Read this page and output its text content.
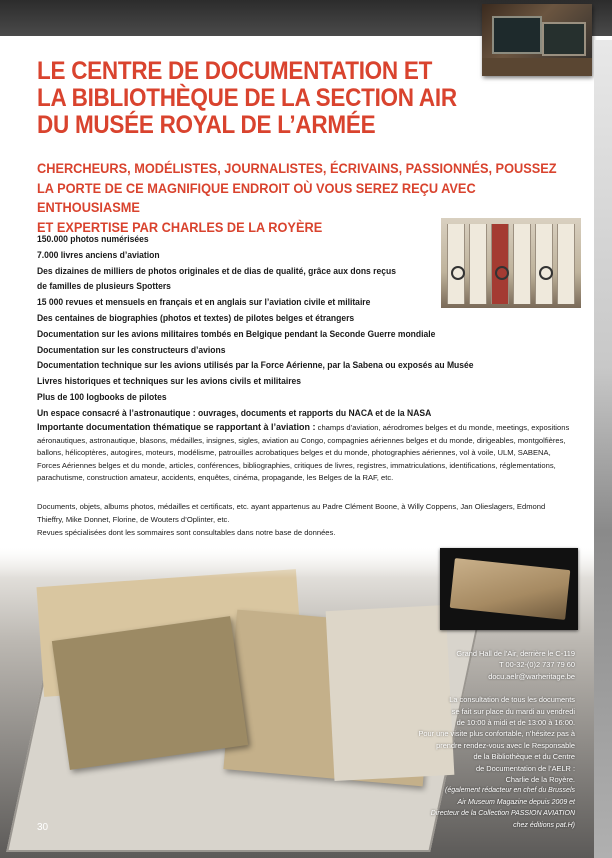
LE CENTRE DE DOCUMENTATION ET
LA BIBLIOTHÈQUE DE LA SECTION AIR
DU MUSÉE ROYAL DE L’ARMÉE
CHERCHEURS, MODÉLISTES, JOURNALISTES, ÉCRIVAINS, PASSIONNÉS, POUSSEZ
LA PORTE DE CE MAGNIFIQUE ENDROIT OÙ VOUS SEREZ REÇU AVEC ENTHOUSIASME
ET EXPERTISE PAR CHARLES DE LA ROYÈRE
150.000 photos numérisées
7.000 livres anciens d’aviation
Des dizaines de milliers de photos originales et de dias de qualité, grâce aux dons reçus
de familles de plusieurs Spotters
15 000 revues et mensuels en français et en anglais sur l’aviation civile et militaire
Des centaines de biographies (photos et textes) de pilotes belges et étrangers
Documentation sur les avions militaires tombés en Belgique pendant la Seconde Guerre mondiale
Documentation sur les constructeurs d’avions
Documentation technique sur les avions utilisés par la Force Aérienne, par la Sabena ou exposés au Musée
Livres historiques et techniques sur les avions civils et militaires
Plus de 100 logbooks de pilotes
Un espace consacré à l’astronautique : ouvrages, documents et rapports du NACA et de la NASA

Importante documentation thématique se rapportant à l’aviation : champs d’aviation, aérodromes belges et du monde, meetings, expositions aéronautiques, astronautique, blasons, médailles, insignes, sigles, aviation au Congo, compagnies aériennes belges et du monde, dirigeables, montgolfières, ballons, hélicoptères, autogires, moteurs, modélisme, patrouilles acrobatiques belges et du monde, photographies aériennes, vol à voile, ULM, SABENA, Forces Aériennes belges et du monde, articles, conférences, bibliographies, critiques de livres, registres, immatriculations, identifications, réglementations, parachutisme, construction amateur, accidents, enquêtes, cinéma, propagande, les Belges de la RAF, etc.

Documents, objets, albums photos, médailles et certificats, etc. ayant appartenus au Padre Clément Boone, à Willy Coppens, Jan Olieslagers, Edmond Thieffry, Mike Donnet, Florine, de Wouters d’Oplinter, etc.

Revues spécialisées dont les sommaires sont consultables dans notre base de données.

Grand Hall de l’Air, derrière le C-119
T 00-32-(0)2 737 79 60
docu.aelr@warheritage.be
La consultation de tous les documents
se fait sur place du mardi au vendredi
de 10:00 à midi et de 13:00 à 16:00.
Pour une visite plus confortable, n’hésitez pas à
prendre rendez-vous avec le Responsable
de la Bibliothèque et du Centre
de Documentation de l’AELR :
Charlie de la Royère.
(également rédacteur en chef du Brussels
Air Museum Magazine depuis 2009 et
Directeur de la Collection PASSION AVIATION
chez éditions pat.H)
30
